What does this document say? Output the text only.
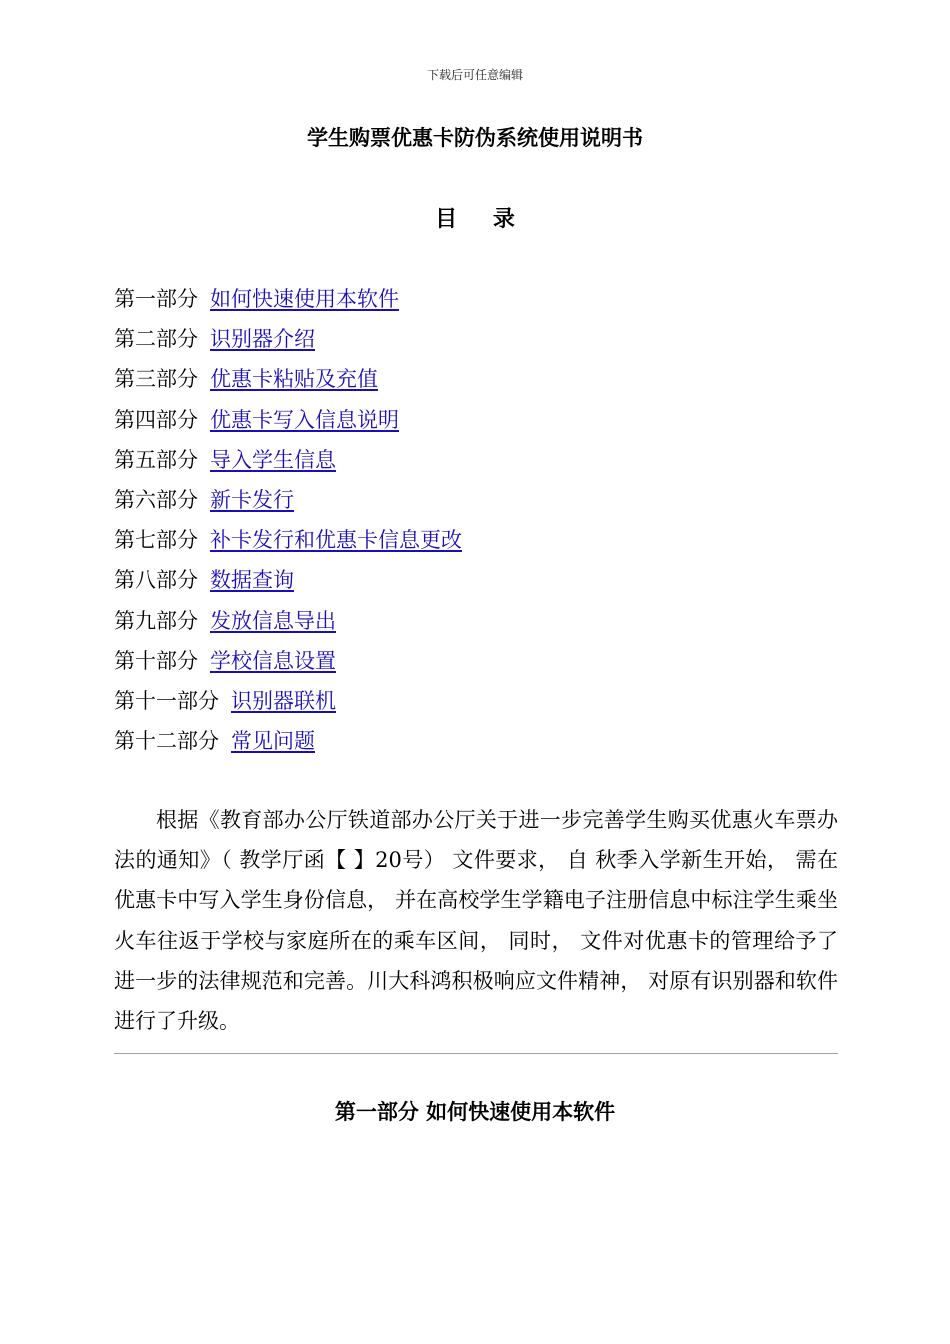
下载后可任意编辑
学生购票优惠卡防伪系统使用说明书
目 录
第一部分 如何快速使用本软件
第二部分 识别器介绍
第三部分 优惠卡粘贴及充值
第四部分 优惠卡写入信息说明
第五部分 导入学生信息
第六部分 新卡发行
第七部分 补卡发行和优惠卡信息更改
第八部分 数据查询
第九部分 发放信息导出
第十部分 学校信息设置
第十一部分 识别器联机
第十二部分 常见问题

根据《教育部办公厅铁道部办公厅关于进一步完善学生购买优惠火车票办法的通知》（ 教学厅函【 】20号） 文件要求， 自 秋季入学新生开始， 需在优惠卡中写入学生身份信息， 并在高校学生学籍电子注册信息中标注学生乘坐火车往返于学校与家庭所在的乘车区间， 同时， 文件对优惠卡的管理给予了进一步的法律规范和完善。川大科鸿积极响应文件精神， 对原有识别器和软件进行了升级。

第一部分 如何快速使用本软件
